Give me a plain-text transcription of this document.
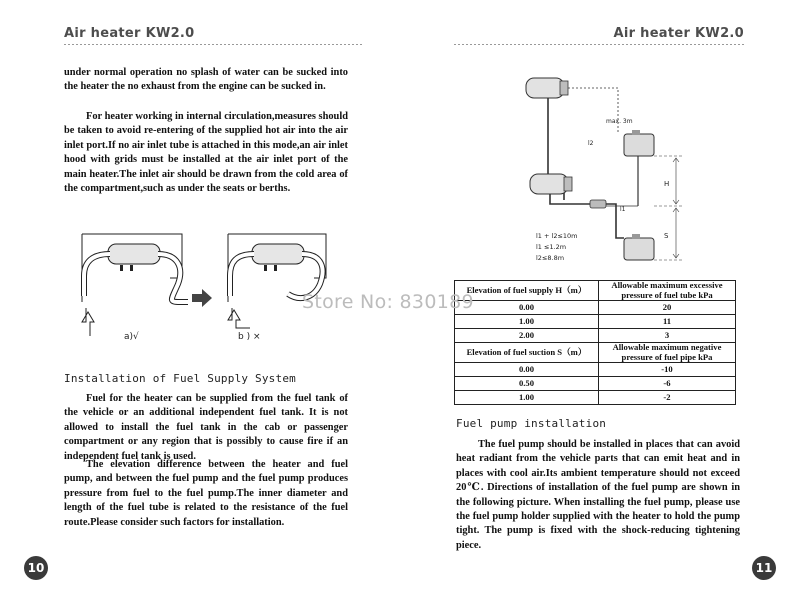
Air heater KW2.0

under normal operation no splash of water can be sucked into the heater the no exhaust from the engine can be sucked in.

For heater working in internal circulation,measures should be taken to avoid re-entering of the supplied hot air into the air inlet port.If no air inlet tube is attached in this mode,an air inlet hood with grids must be installed at the air inlet port of the main heater.The inlet air should be drawn from the cold area of the compartment,such as under the seats or berths.

a)√	b ) ×
Installation of Fuel Supply System

Fuel for the heater can be supplied from the fuel tank of the vehicle or an additional independent fuel tank. It is not allowed to install the fuel tank in the cab or passenger compartment or any region that is possibly to cause fire if an independent fuel tank is used.

The elevation difference between the heater and fuel pump, and between the fuel pump and the fuel pump produces pressure from fuel to the fuel pump.The inner diameter and length of the fuel tube is related to the resistance of the fuel route.Please consider such factors for installation.

10
Air heater KW2.0
max. 3m
l2
l1
H
S
l1 + l2≤10m
l1 ≤1.2m
l2≤8.8m
Elevation of fuel supply H（m）	Allowable maximum excessive pressure of fuel tube kPa
0.00	20
1.00	11
2.00	3
Elevation of fuel suction S（m）	Allowable maximum negative pressure of fuel pipe kPa
0.00	-10
0.50	-6
1.00	-2
Fuel pump installation

The fuel pump should be installed in places that can avoid heat radiant from the vehicle parts that can emit heat and in places with cool air.Its ambient temperature should not exceed 20℃. Directions of installation of the fuel pump are shown in the following picture. When installing the fuel pump, please use the fuel pump holder supplied with the heater to hold the pump tight. The pump is fixed with the shock-reducing tightening piece.

11
Store No: 830189
